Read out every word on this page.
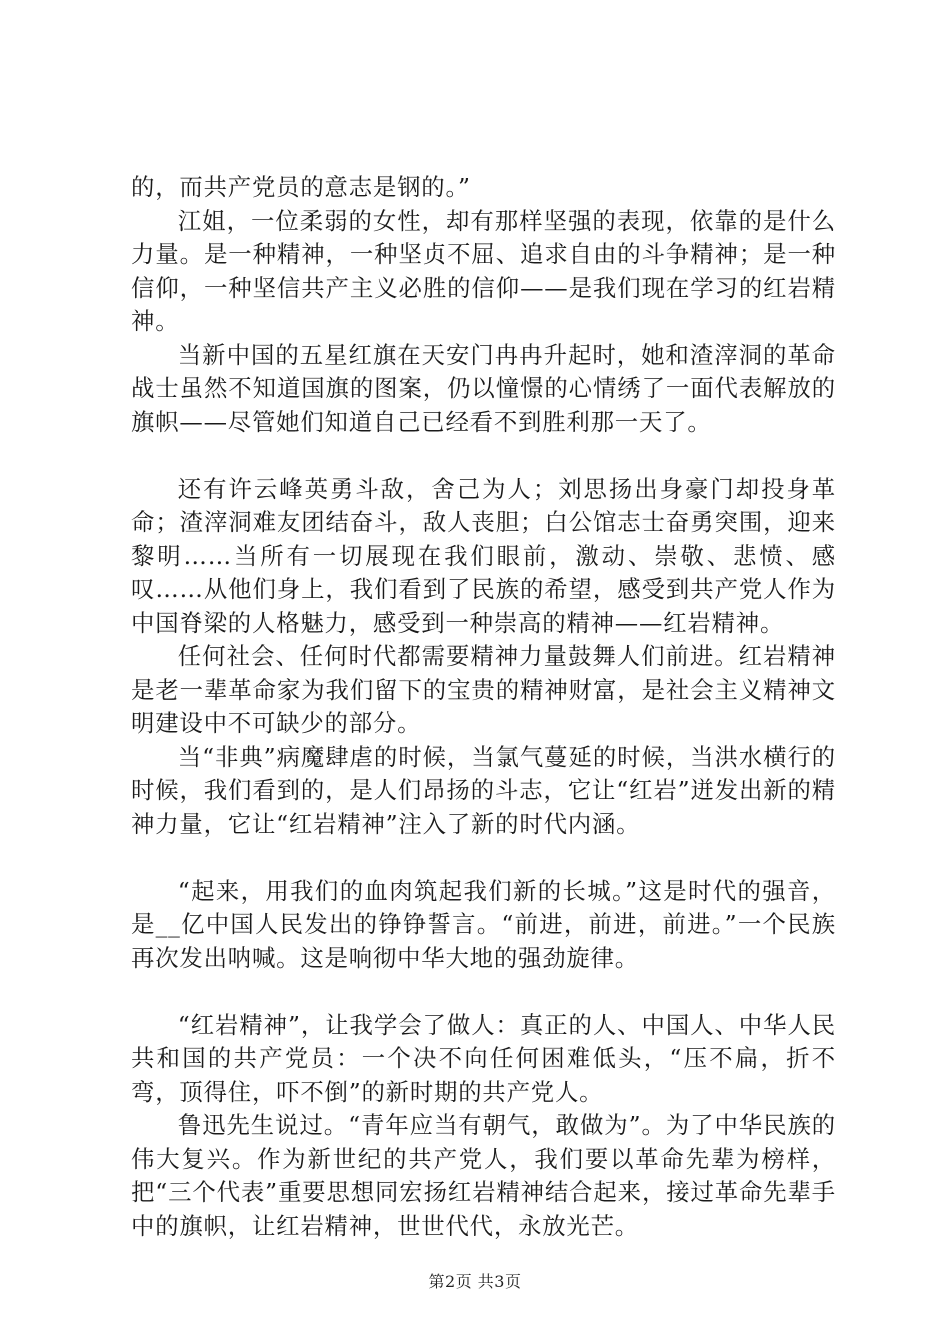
的，而共产党员的意志是钢的。”

江姐，一位柔弱的女性，却有那样坚强的表现，依靠的是什么力量。是一种精神，一种坚贞不屈、追求自由的斗争精神；是一种信仰，一种坚信共产主义必胜的信仰——是我们现在学习的红岩精神。

当新中国的五星红旗在天安门冉冉升起时，她和渣滓洞的革命战士虽然不知道国旗的图案，仍以憧憬的心情绣了一面代表解放的旗帜——尽管她们知道自己已经看不到胜利那一天了。

还有许云峰英勇斗敌，舍己为人；刘思扬出身豪门却投身革命；渣滓洞难友团结奋斗，敌人丧胆；白公馆志士奋勇突围，迎来黎明……当所有一切展现在我们眼前，激动、崇敬、悲愤、感叹……从他们身上，我们看到了民族的希望，感受到共产党人作为中国脊梁的人格魅力，感受到一种崇高的精神——红岩精神。

任何社会、任何时代都需要精神力量鼓舞人们前进。红岩精神是老一辈革命家为我们留下的宝贵的精神财富，是社会主义精神文明建设中不可缺少的部分。

当“非典”病魔肆虐的时候，当氯气蔓延的时候，当洪水横行的时候，我们看到的，是人们昂扬的斗志，它让“红岩”迸发出新的精神力量，它让“红岩精神”注入了新的时代内涵。

“起来，用我们的血肉筑起我们新的长城。”这是时代的强音，是__亿中国人民发出的铮铮誓言。“前进，前进，前进。”一个民族再次发出呐喊。这是响彻中华大地的强劲旋律。

“红岩精神”，让我学会了做人：真正的人、中国人、中华人民共和国的共产党员：一个决不向任何困难低头，“压不扁，折不弯，顶得住，吓不倒”的新时期的共产党人。

鲁迅先生说过。“青年应当有朝气，敢做为”。为了中华民族的伟大复兴。作为新世纪的共产党人，我们要以革命先辈为榜样，把“三个代表”重要思想同宏扬红岩精神结合起来，接过革命先辈手中的旗帜，让红岩精神，世世代代，永放光芒。

第2页 共3页
